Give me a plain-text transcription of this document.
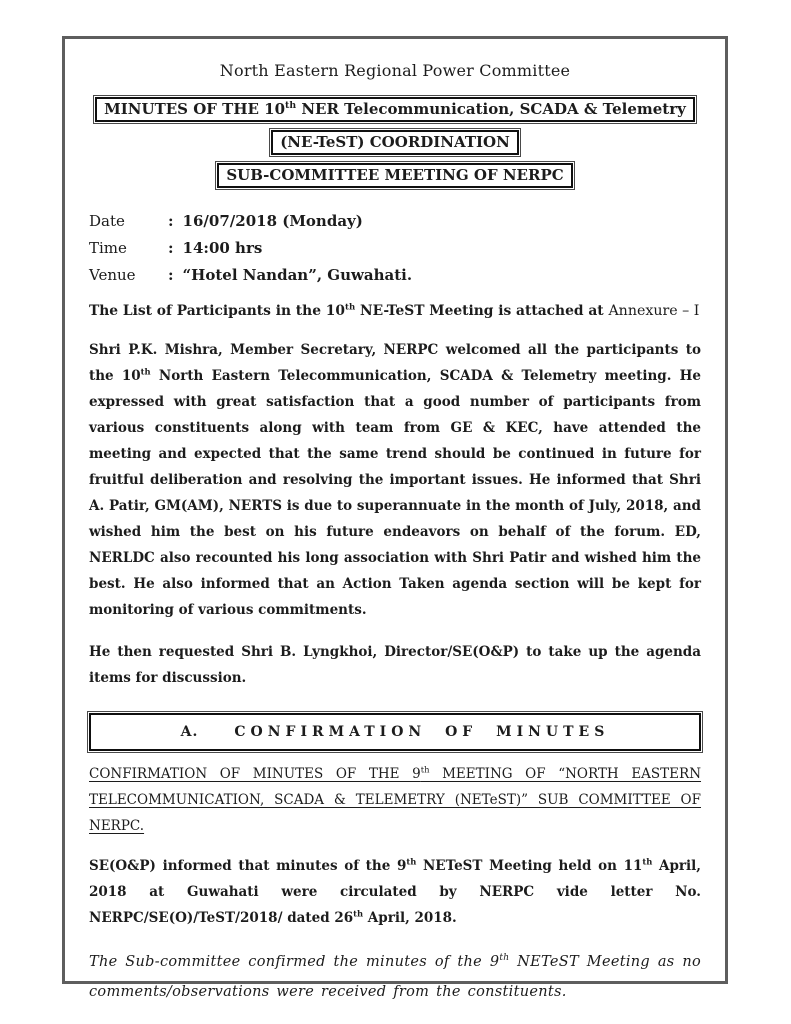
North Eastern Regional Power Committee
MINUTES OF THE 10th NER Telecommunication, SCADA & Telemetry
(NE-TeST) COORDINATION
SUB-COMMITTEE MEETING OF NERPC
Date	: 16/07/2018 (Monday)
Time	: 14:00 hrs
Venue	: “Hotel Nandan”, Guwahati.
The List of Participants in the 10th NE-TeST Meeting is attached at Annexure – I

Shri P.K. Mishra, Member Secretary, NERPC welcomed all the participants to the 10th North Eastern Telecommunication, SCADA & Telemetry meeting. He expressed with great satisfaction that a good number of participants from various constituents along with team from GE & KEC, have attended the meeting and expected that the same trend should be continued in future for fruitful deliberation and resolving the important issues. He informed that Shri A. Patir, GM(AM), NERTS is due to superannuate in the month of July, 2018, and wished him the best on his future endeavors on behalf of the forum. ED, NERLDC also recounted his long association with Shri Patir and wished him the best. He also informed that an Action Taken agenda section will be kept for monitoring of various commitments.

He then requested Shri B. Lyngkhoi, Director/SE(O&P) to take up the agenda items for discussion.

A.	CONFIRMATION OF MINUTES
CONFIRMATION OF MINUTES OF THE 9th MEETING OF “NORTH EASTERN TELECOMMUNICATION, SCADA & TELEMETRY (NETeST)” SUB COMMITTEE OF NERPC.

SE(O&P) informed that minutes of the 9th NETeST Meeting held on 11th April, 2018 at Guwahati were circulated by NERPC vide letter No. NERPC/SE(O)/TeST/2018/ dated 26th April, 2018.

The Sub-committee confirmed the minutes of the 9th NETeST Meeting as no comments/observations were received from the constituents.
